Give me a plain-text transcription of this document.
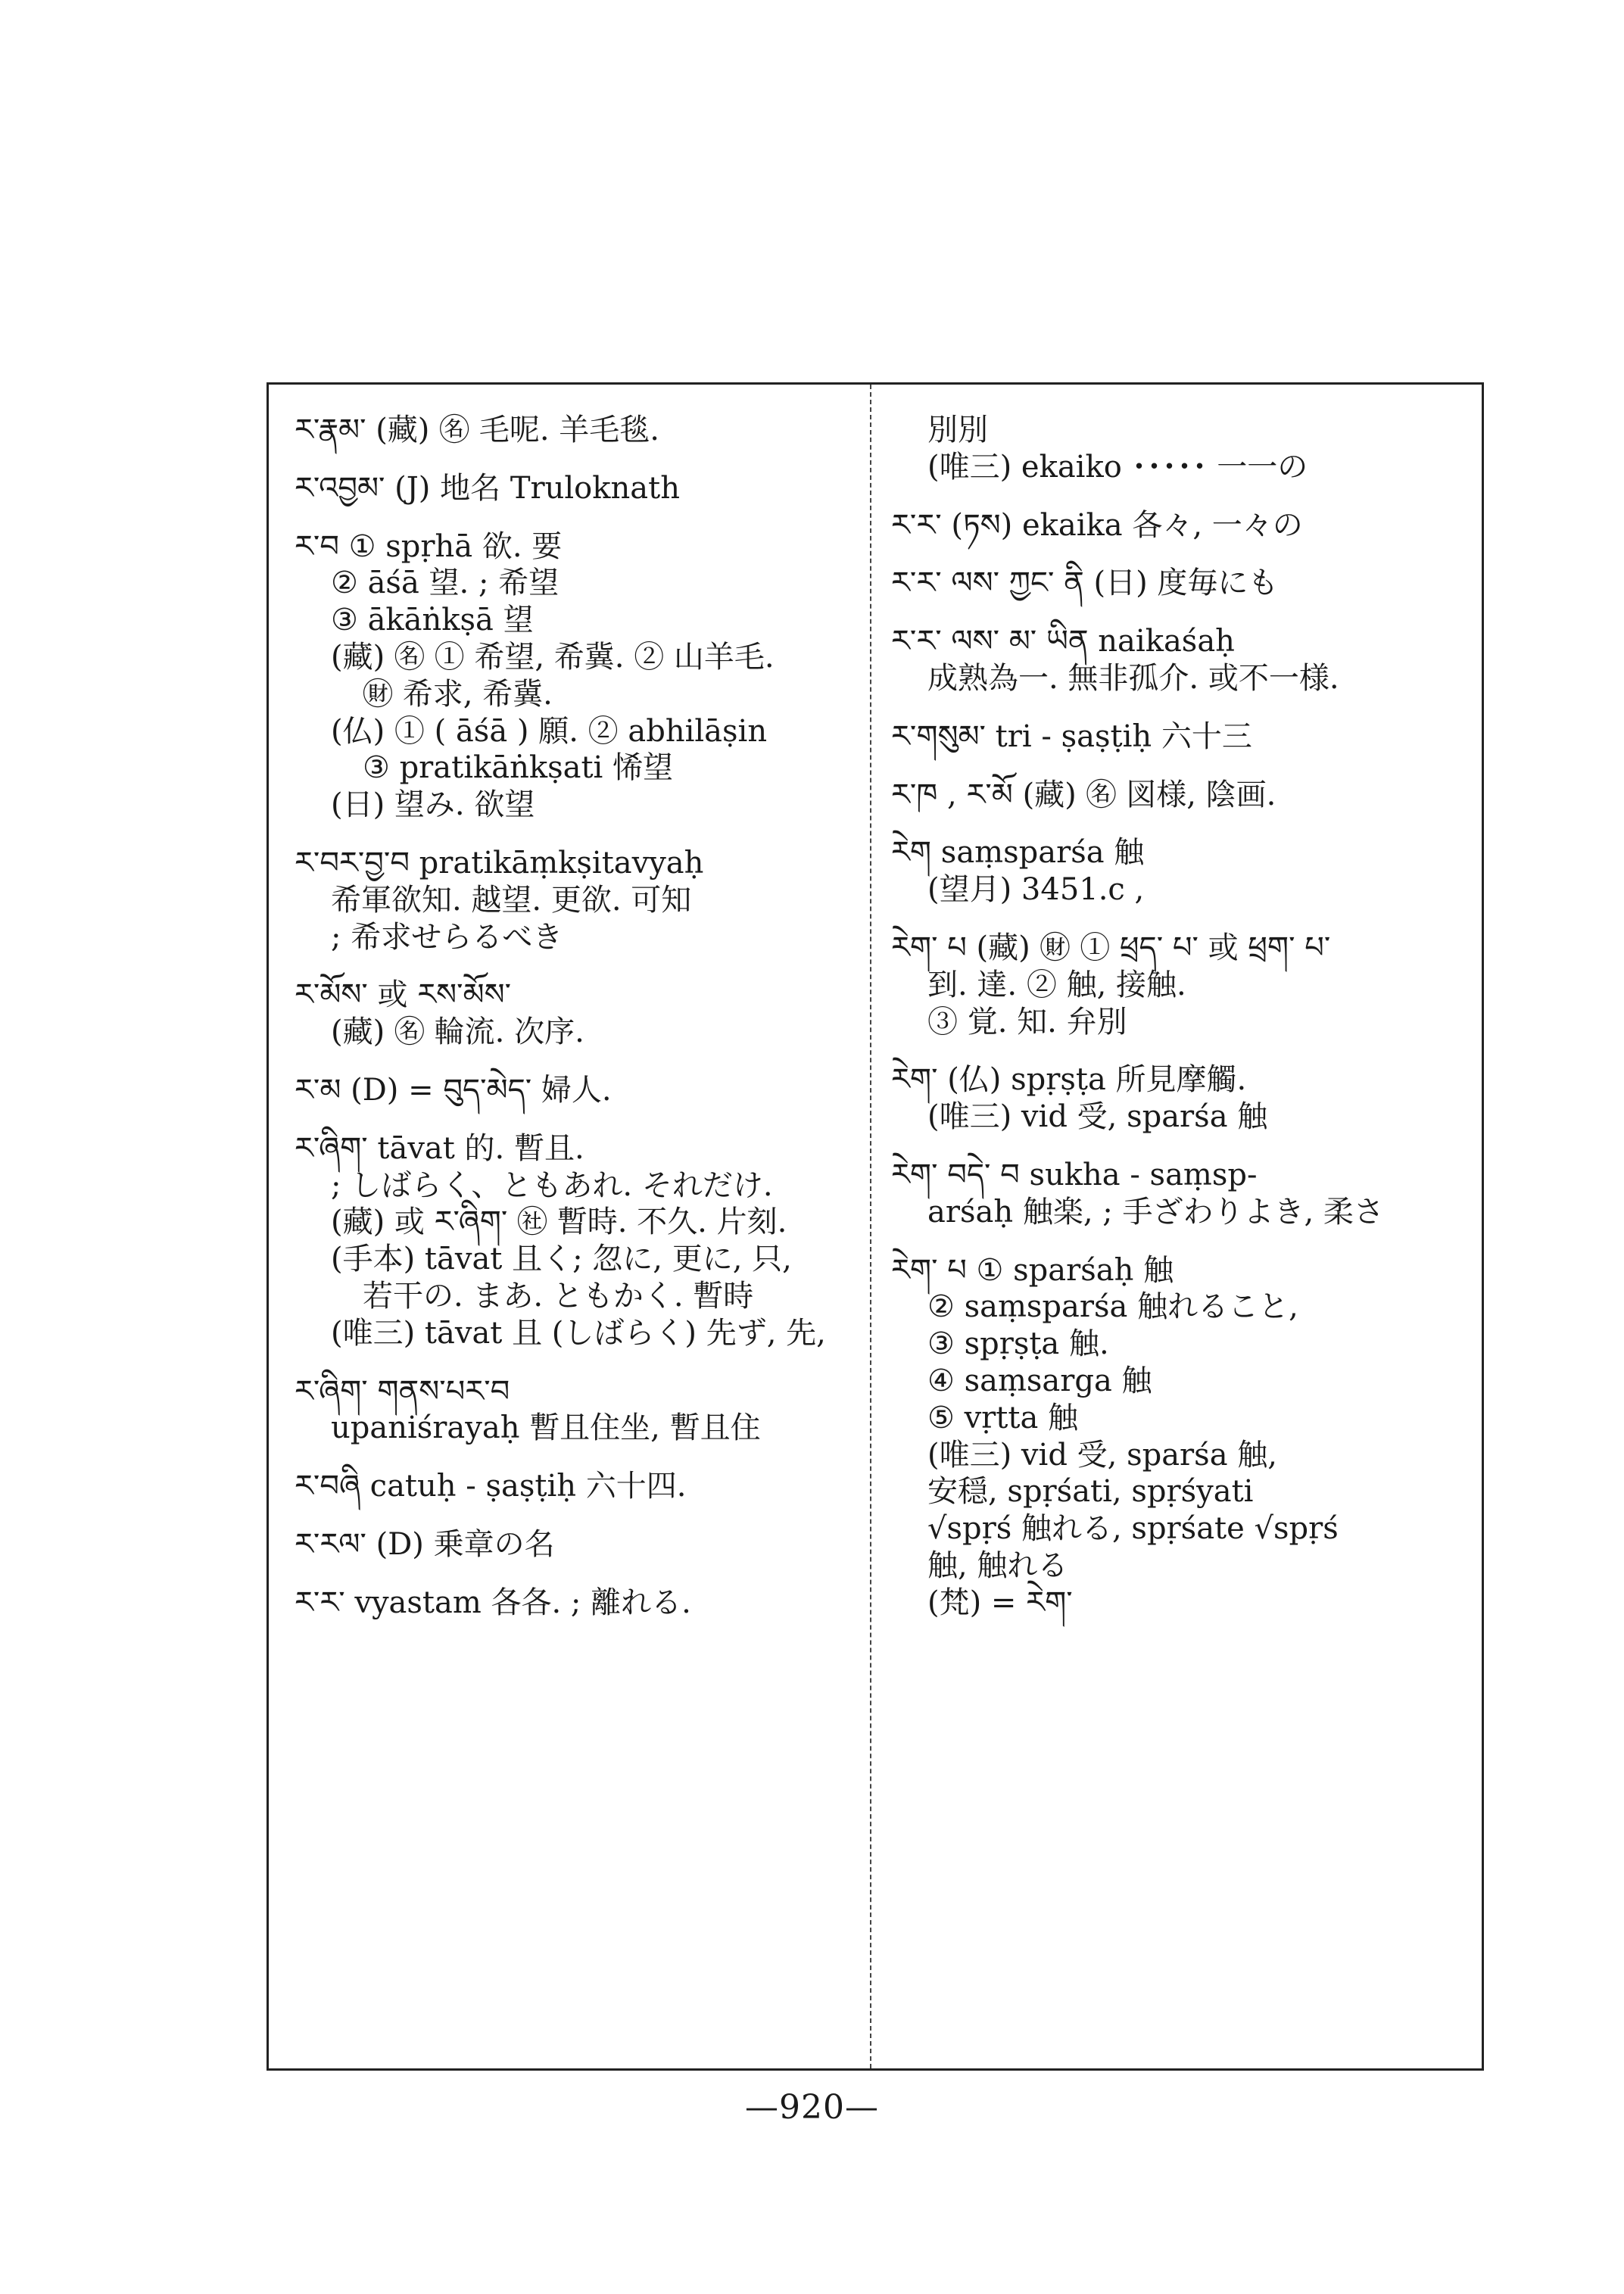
ར་རྣམ་ (藏) ㊔ 毛呢. 羊毛毯.
ར་འབྱམ་ (J) 地名 Truloknath
ར་བ ① spṛhā 欲. 要
② āśā 望. ; 希望
③ ākāṅkṣā 望
(藏) ㊔ ① 希望, 希冀. ② 山羊毛.
㊖ 希求, 希冀.
(仏) ① ( āśā ) 願. ② abhilāṣin
③ pratikāṅkṣati 悕望
(日) 望み. 欲望
ར་བར་བྱ་བ pratikāṃkṣitavyaḥ
希軍欲知. 越望. 更欲. 可知
; 希求せらるべき
ར་མོས་ 或 རས་མོས་
(藏) ㊔ 輪流. 次序.
ར་མ (D) = བུད་མེད་ 婦人.
ར་ཞིག་ tāvat 的. 暫且.
; しばらく、ともあれ. それだけ.
(藏) 或 ར་ཞིག་ ㊓ 暫時. 不久. 片刻.
(手本) tāvat 且く; 忽に, 更に, 只,
若干の. まあ. ともかく. 暫時
(唯三) tāvat 且 (しばらく) 先ず, 先,
ར་ཞིག་ གནས་པར་བ
upaniśrayaḥ 暫且住坐, 暫且住
ར་བཞི catuḥ - ṣaṣṭiḥ 六十四.
ར་རལ་ (D) 乗章の名
ར་ར་ vyastam 各各. ; 離れる.
別別
(唯三) ekaiko ･････ 一一の
ར་ར་ (ཏས) ekaika 各々, 一々の
ར་ར་ ལས་ ཀྱང་ ནི (日) 度毎にも
ར་ར་ ལས་ མ་ ཡིན naikaśaḥ
成熟為一. 無非孤介. 或不一様.
ར་གསུམ་ tri - ṣaṣṭiḥ 六十三
ར་ཁ , ར་མོ (藏) ㊔ 図様, 陰画.
རེག saṃsparśa 触
(望月) 3451.c ,
རེག་ པ (藏) ㊖ ① ཕྲད་ པ་ 或 ཕྲག་ པ་
到. 達. ② 触, 接触.
③ 覚. 知. 弁別
རེག་ (仏) spṛṣṭa 所見摩觸.
(唯三) vid 受, sparśa 触
རེག་ བདེ་ བ sukha - saṃsp-
arśaḥ 触楽, ; 手ざわりよき, 柔さ
རེག་ པ ① sparśaḥ 触
② saṃsparśa 触れること,
③ spṛṣṭa 触.
④ saṃsarga 触
⑤ vṛtta 触
(唯三) vid 受, sparśa 触,
安穏, spṛśati, spṛśyati
√spṛś 触れる, spṛśate √spṛś
触, 触れる
(梵) = རེག་
—920—
